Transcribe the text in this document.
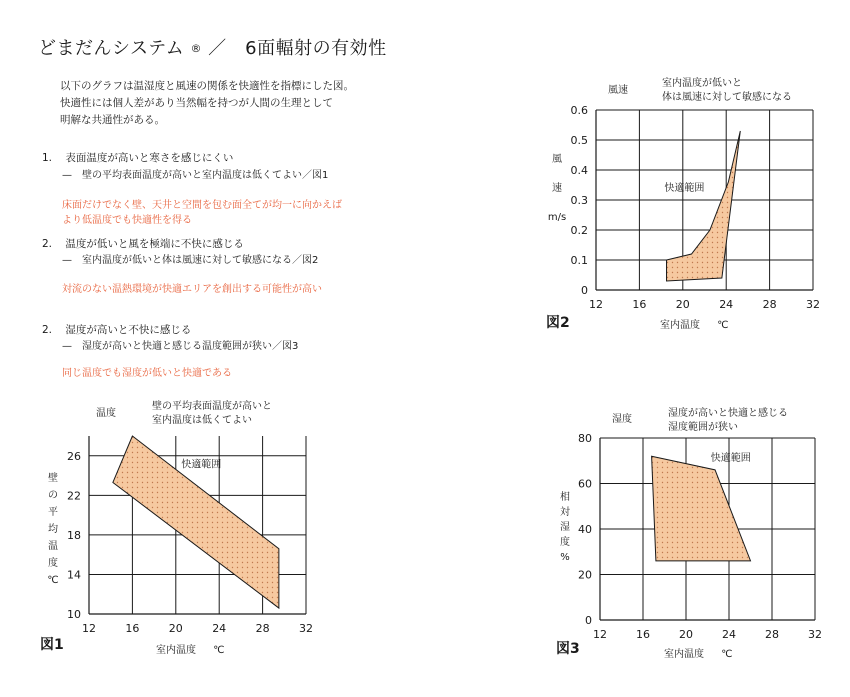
どまだんシステム ® ／　6面輻射の有効性
以下のグラフは温湿度と風速の関係を快適性を指標にした図。
快適性には個人差があり当然幅を持つが人間の生理として
明解な共通性がある。
1. 表面温度が高いと寒さを感じにくい
—　壁の平均表面温度が高いと室内温度は低くてよい／図1
床面だけでなく壁、天井と空間を包む面全てが均一に向かえば
より低温度でも快適性を得る
2. 温度が低いと風を極端に不快に感じる
—　室内温度が低いと体は風速に対して敏感になる／図2
対流のない温熱環境が快適エリアを創出する可能性が高い
2. 湿度が高いと不快に感じる
—　湿度が高いと快適と感じる温度範囲が狭い／図3
同じ温度でも湿度が低いと快適である
温度
壁の平均表面温度が高いと
室内温度は低くてよい
壁
の
平
均
温
度
℃
図1	室内温度 ℃
快適範囲
12	16	20	24	28	32
10
14
18
22
26
風速
室内温度が低いと
体は風速に対して敏感になる
風
速
m/s
図2	室内温度 ℃
快適範囲
12	16	20	24	28	32
0
0.1
0.2
0.3
0.4
0.5
0.6
湿度
湿度が高いと快適と感じる
湿度範囲が狭い
相
対
湿
度
%
図3	室内温度 ℃
快適範囲
12	16	20	24	28	32
0
20
40
60
80
